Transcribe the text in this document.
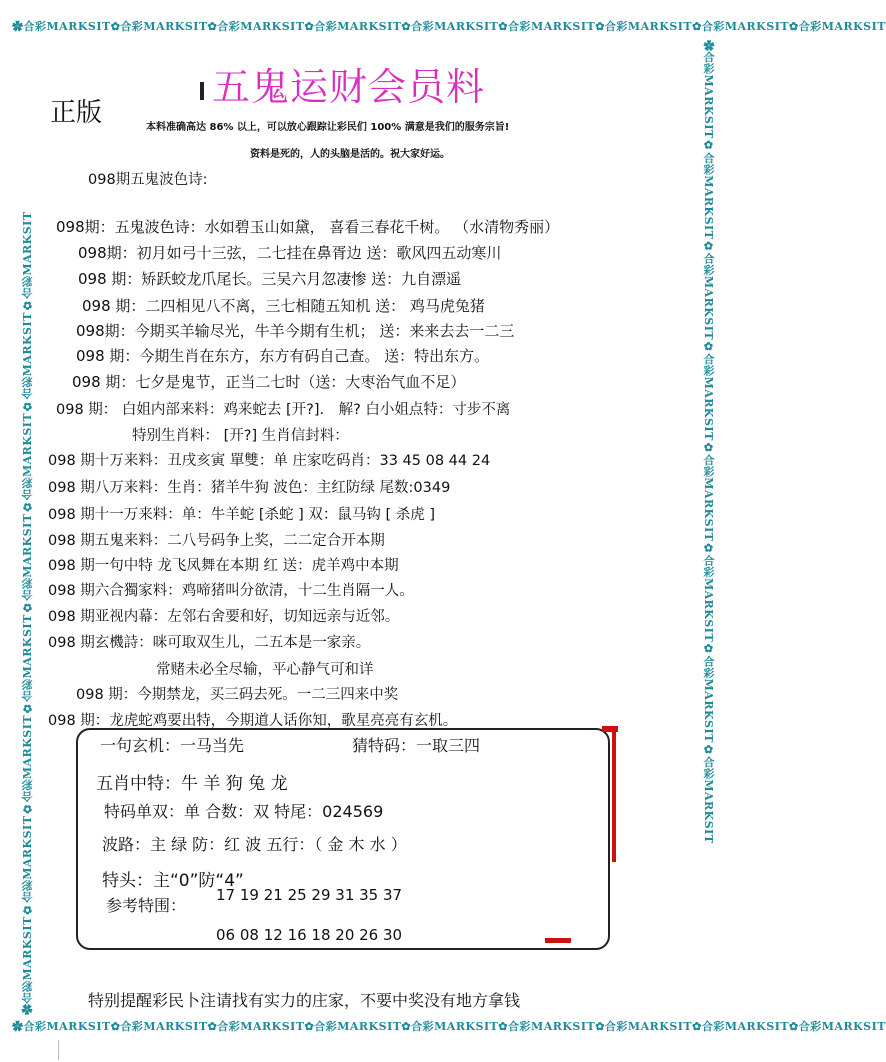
✿合彩MARKSIT✿合彩MARKSIT✿合彩MARKSIT✿合彩MARKSIT✿合彩MARKSIT✿合彩MARKSIT✿合彩MARKSIT✿合彩MARKSIT✿合彩MARKSIT
✿合彩MARKSIT✿合彩MARKSIT✿合彩MARKSIT✿合彩MARKSIT✿合彩MARKSIT✿合彩MARKSIT✿合彩MARKSIT✿合彩MARKSIT✿合彩MARKSIT
✿合彩MARKSIT✿合彩MARKSIT✿合彩MARKSIT✿合彩MARKSIT✿合彩MARKSIT✿合彩MARKSIT✿合彩MARKSIT✿合彩MARKSIT	✿合彩MARKSIT✿合彩MARKSIT✿合彩MARKSIT✿合彩MARKSIT✿合彩MARKSIT✿合彩MARKSIT✿合彩MARKSIT✿合彩MARKSIT
五鬼运财会员料
正版	本料准确高达 86% 以上，可以放心跟踪让彩民们 100% 满意是我们的服务宗旨!
资料是死的，人的头脑是活的。祝大家好运。
098期五鬼波色诗:
098期：五鬼波色诗：水如碧玉山如黛， 喜看三春花千树。 （水清物秀丽）
098期：初月如弓十三弦，二七挂在鼻胥边 送：歌风四五动寒川
098 期：矫跃蛟龙爪尾长。三吴六月忽凄惨 送：九自漂遥
098 期：二四相见八不离，三七相随五知机 送： 鸡马虎兔猪
098期：今期买羊输尽光，牛羊今期有生机； 送：来来去去一二三
098 期：今期生肖在东方，东方有码自己查。 送：特出东方。
098 期：七夕是鬼节，正当二七时（送：大枣治气血不足）
098 期： 白姐内部来料：鸡来蛇去 [开?]． 解? 白小姐点特：寸步不离
特别生肖料： [开?] 生肖信封料：
098 期十万来料：丑戌亥寅 單雙：单 庄家吃码肖：33 45 08 44 24
098 期八万来料：生肖：猪羊牛狗 波色：主红防绿 尾数:0349
098 期十一万来料：单：牛羊蛇 [杀蛇 ] 双：鼠马钩 [ 杀虎 ]
098 期五鬼来料：二八号码争上奖，二二定合开本期
098 期一句中特 龙飞凤舞在本期 红 送：虎羊鸡中本期
098 期六合獨家料：鸡啼猪叫分欲清，十二生肖隔一人。
098 期亚视内幕：左邻右舍要和好，切知远亲与近邻。
098 期玄機詩：咪可取双生儿，二五本是一家亲。
常赌未必全尽输，平心静气可和详
098 期：今期禁龙，买三码去死。一二三四来中奖
098 期：龙虎蛇鸡要出特，今期道人话你知，歌星亮亮有玄机。
一句玄机：一马当先	猜特码：一取三四
五肖中特：牛 羊 狗 兔 龙
特码单双：单 合数：双 特尾：024569
波路：主 绿 防：红 波 五行：（ 金 木 水 ）
特头：主“0”防“4”
参考特围：
17 19 21 25 29 31 35 37
06 08 12 16 18 20 26 30
特别提醒彩民卜注请找有实力的庄家，不要中奖没有地方拿钱
